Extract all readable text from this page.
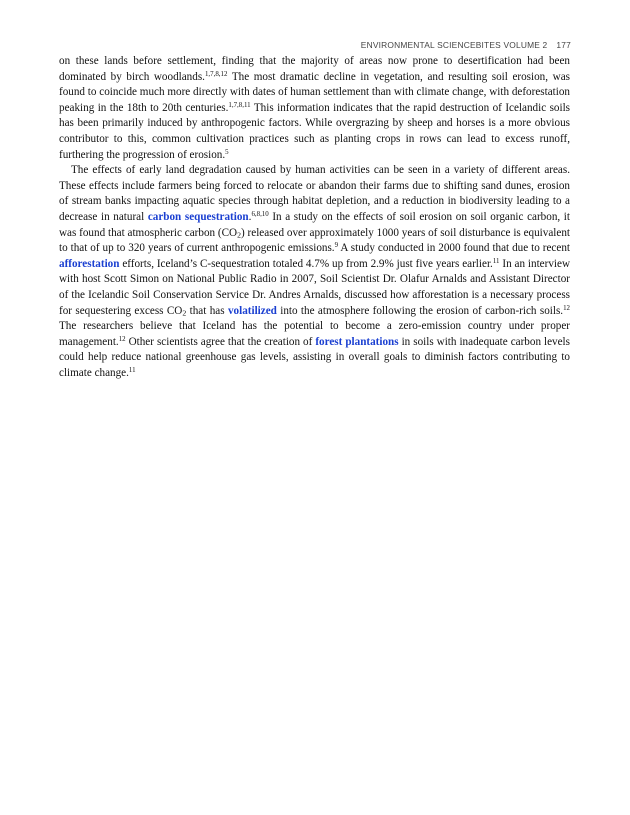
ENVIRONMENTAL SCIENCEBITES VOLUME 2 177

on these lands before settlement, finding that the majority of areas now prone to desertification had been dominated by birch woodlands.$^{1,7,8,12}$ The most dramatic decline in vegetation, and resulting soil erosion, was found to coincide much more directly with dates of human settlement than with climate change, with deforestation peaking in the 18th to 20th centuries.$^{1,7,8,11}$ This information indicates that the rapid destruction of Icelandic soils has been primarily induced by anthropogenic factors. While overgrazing by sheep and horses is a more obvious contributor to this, common cultivation practices such as planting crops in rows can lead to excess runoff, furthering the progression of erosion.$^5$

The effects of early land degradation caused by human activities can be seen in a variety of different areas. These effects include farmers being forced to relocate or abandon their farms due to shifting sand dunes, erosion of stream banks impacting aquatic species through habitat depletion, and a reduction in biodiversity leading to a decrease in natural carbon sequestration.$^{6,8,10}$ In a study on the effects of soil erosion on soil organic carbon, it was found that atmospheric carbon $(CO_2)$ released over approximately 1000 years of soil disturbance is equivalent to that of up to 320 years of current anthropogenic emissions.$^9$ A study conducted in 2000 found that due to recent afforestation efforts, Iceland’s C-sequestration totaled 4.7% up from 2.9% just five years earlier.$^{11}$ In an interview with host Scott Simon on National Public Radio in 2007, Soil Scientist Dr. Olafur Arnalds and Assistant Director of the Icelandic Soil Conservation Service Dr. Andres Arnalds, discussed how afforestation is a necessary process for sequestering excess $CO_2$ that has volatilized into the atmosphere following the erosion of carbon-rich soils.$^{12}$ The researchers believe that Iceland has the potential to become a zero-emission country under proper management.$^{12}$ Other scientists agree that the creation of forest plantations in soils with inadequate carbon levels could help reduce national greenhouse gas levels, assisting in overall goals to diminish factors contributing to climate change.$^{11}$
